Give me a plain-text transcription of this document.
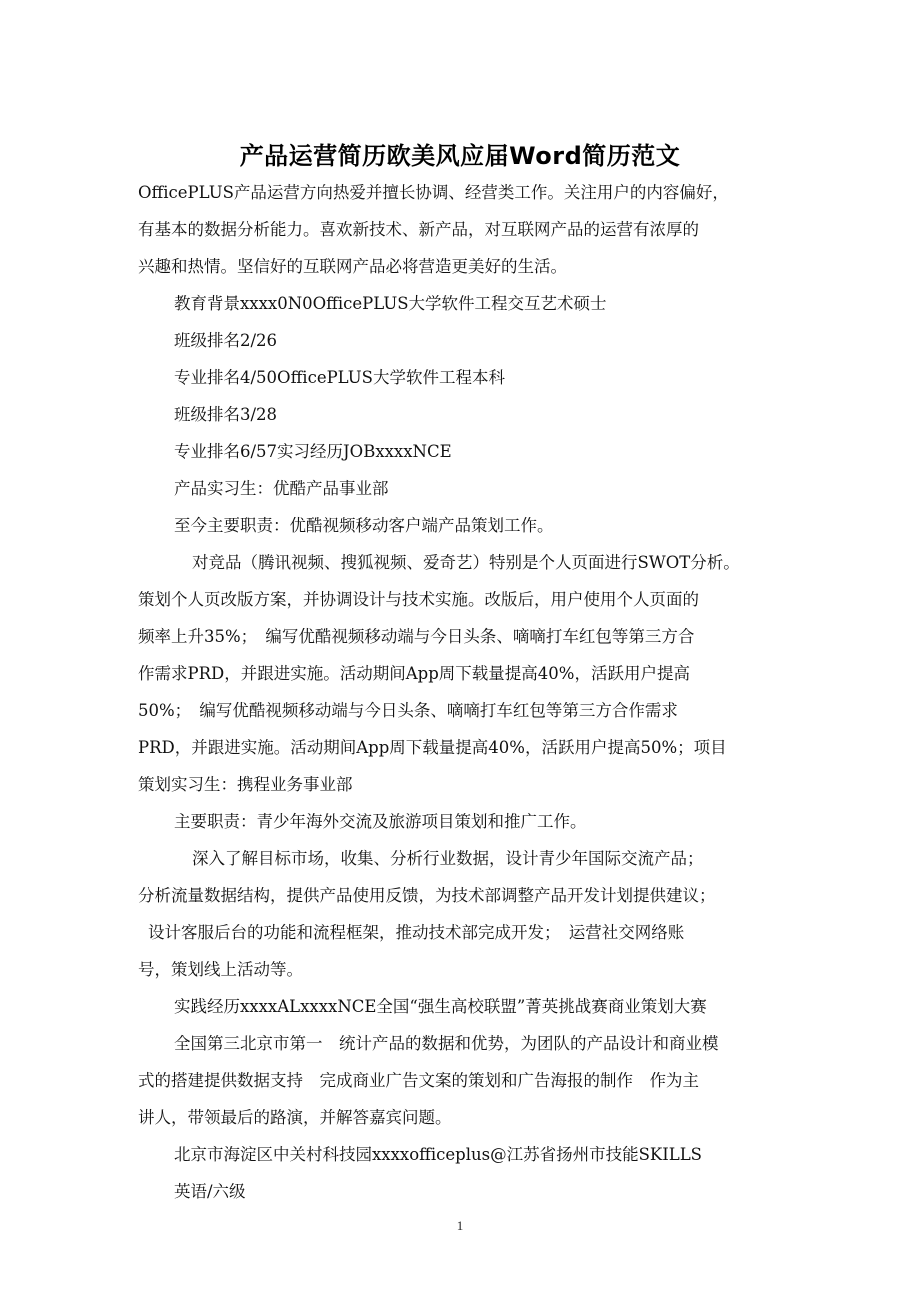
产品运营简历欧美风应届Word简历范文
OfficePLUS产品运营方向热爱并擅长协调、经营类工作。关注用户的内容偏好，
有基本的数据分析能力。喜欢新技术、新产品，对互联网产品的运营有浓厚的
兴趣和热情。坚信好的互联网产品必将营造更美好的生活。
教育背景xxxx0N0OfficePLUS大学软件工程交互艺术硕士
班级排名2/26
专业排名4/50OfficePLUS大学软件工程本科
班级排名3/28
专业排名6/57实习经历JOBxxxxNCE
产品实习生：优酷产品事业部
至今主要职责：优酷视频移动客户端产品策划工作。
对竞品（腾讯视频、搜狐视频、爱奇艺）特别是个人页面进行SWOT分析。
策划个人页改版方案，并协调设计与技术实施。改版后，用户使用个人页面的
频率上升35%；　编写优酷视频移动端与今日头条、嘀嘀打车红包等第三方合
作需求PRD，并跟进实施。活动期间App周下载量提高40%，活跃用户提高
50%；　编写优酷视频移动端与今日头条、嘀嘀打车红包等第三方合作需求
PRD，并跟进实施。活动期间App周下载量提高40%，活跃用户提高50%；项目
策划实习生：携程业务事业部
主要职责：青少年海外交流及旅游项目策划和推广工作。
深入了解目标市场，收集、分析行业数据，设计青少年国际交流产品；
分析流量数据结构，提供产品使用反馈，为技术部调整产品开发计划提供建议；
设计客服后台的功能和流程框架，推动技术部完成开发；　运营社交网络账
号，策划线上活动等。
实践经历xxxxALxxxxNCE全国“强生高校联盟”菁英挑战赛商业策划大赛
全国第三北京市第一　统计产品的数据和优势，为团队的产品设计和商业模
式的搭建提供数据支持　完成商业广告文案的策划和广告海报的制作　作为主
讲人，带领最后的路演，并解答嘉宾问题。
北京市海淀区中关村科技园xxxxofficeplus@江苏省扬州市技能SKILLS
英语/六级
1
